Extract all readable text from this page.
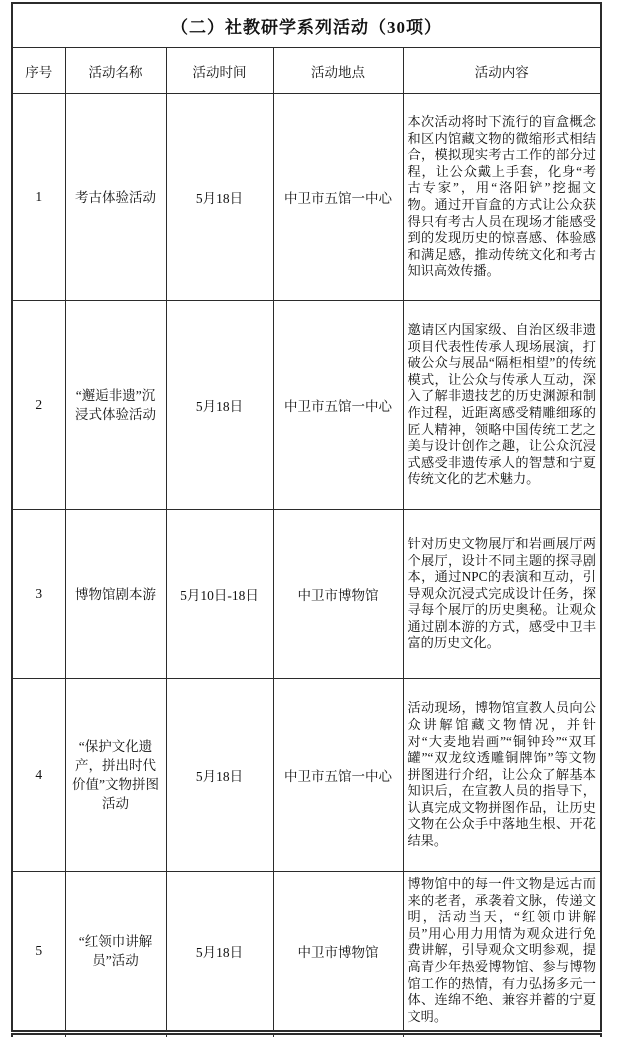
（二）社教研学系列活动（30项）				
序号	活动名称	活动时间	活动地点	活动内容
1	考古体验活动	5月18日	中卫市五馆一中心	本次活动将时下流行的盲盒概念和区内馆藏文物的微缩形式相结合，模拟现实考古工作的部分过程，让公众戴上手套，化身“考古专家”，用“洛阳铲”挖掘文物。通过开盲盒的方式让公众获得只有考古人员在现场才能感受到的发现历史的惊喜感、体验感和满足感，推动传统文化和考古知识高效传播。
2	“邂逅非遗”沉浸式体验活动	5月18日	中卫市五馆一中心	邀请区内国家级、自治区级非遗项目代表性传承人现场展演，打破公众与展品“隔柜相望”的传统模式，让公众与传承人互动，深入了解非遗技艺的历史渊源和制作过程，近距离感受精雕细琢的匠人精神，领略中国传统工艺之美与设计创作之趣，让公众沉浸式感受非遗传承人的智慧和宁夏传统文化的艺术魅力。
3	博物馆剧本游	5月10日-18日	中卫市博物馆	针对历史文物展厅和岩画展厅两个展厅，设计不同主题的探寻剧本，通过NPC的表演和互动，引导观众沉浸式完成设计任务，探寻每个展厅的历史奥秘。让观众通过剧本游的方式，感受中卫丰富的历史文化。
4	“保护文化遗产，拼出时代价值”文物拼图活动	5月18日	中卫市五馆一中心	活动现场，博物馆宣教人员向公众讲解馆藏文物情况，并针对“大麦地岩画”“铜钟玲”“双耳罐”“双龙纹透雕铜牌饰”等文物拼图进行介绍，让公众了解基本知识后，在宣教人员的指导下，认真完成文物拼图作品，让历史文物在公众手中落地生根、开花结果。
5	“红领巾讲解员”活动	5月18日	中卫市博物馆	博物馆中的每一件文物是远古而来的老者，承袭着文脉，传递文明，活动当天，“红领巾讲解员”用心用力用情为观众进行免费讲解，引导观众文明参观，提高青少年热爱博物馆、参与博物馆工作的热情，有力弘扬多元一体、连绵不绝、兼容并蓄的宁夏文明。
